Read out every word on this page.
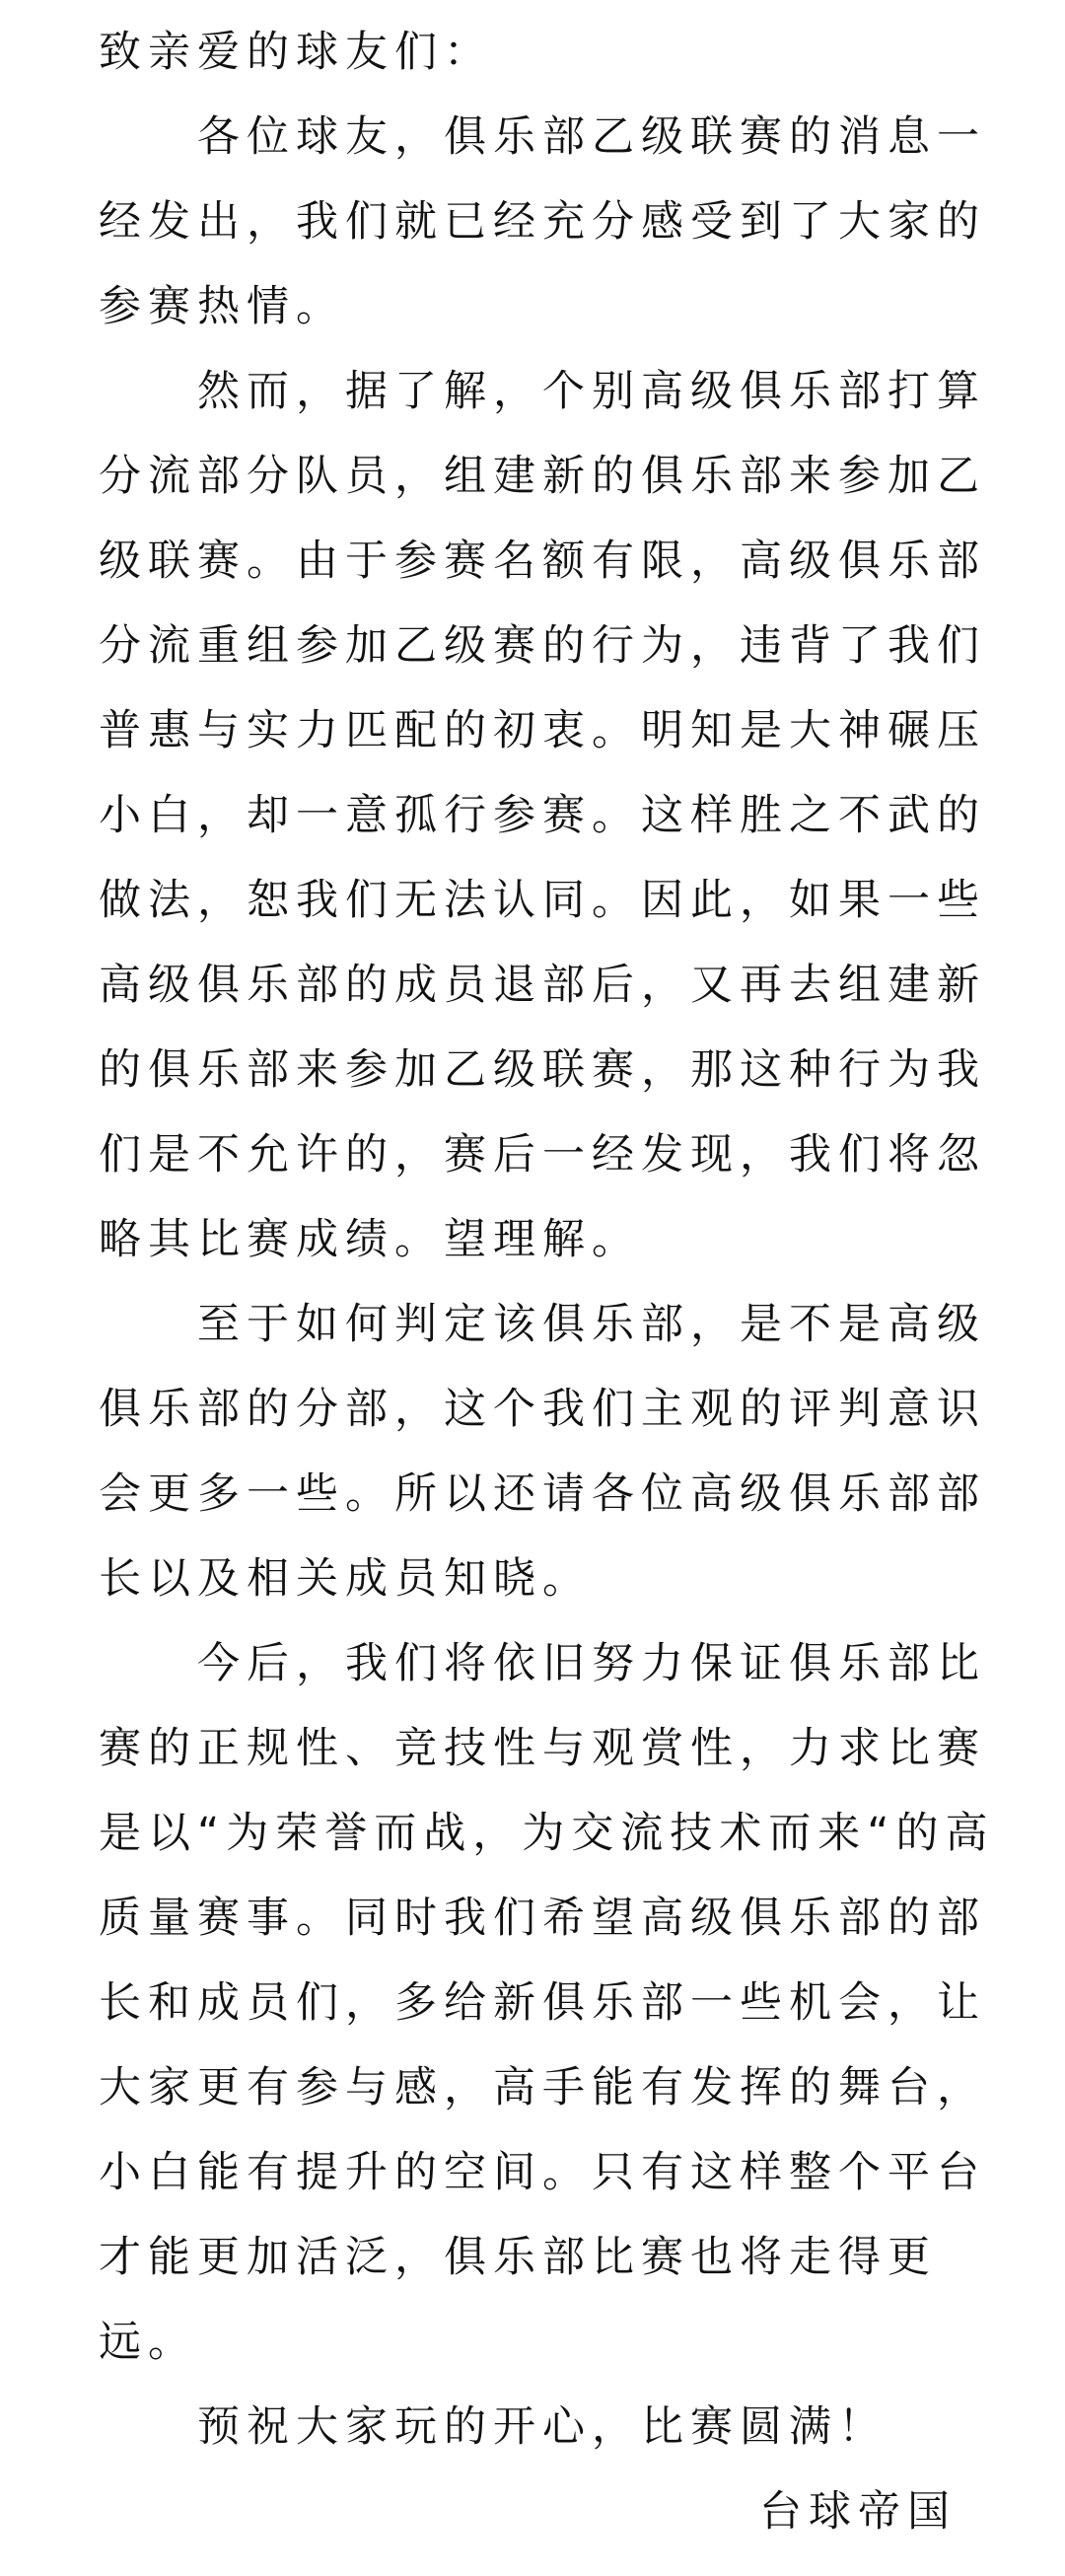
致亲爱的球友们：

　　各位球友，俱乐部乙级联赛的消息一

经发出，我们就已经充分感受到了大家的

参赛热情。

　　然而，据了解，个别高级俱乐部打算

分流部分队员，组建新的俱乐部来参加乙

级联赛。由于参赛名额有限，高级俱乐部

分流重组参加乙级赛的行为，违背了我们

普惠与实力匹配的初衷。明知是大神碾压

小白，却一意孤行参赛。这样胜之不武的

做法，恕我们无法认同。因此，如果一些

高级俱乐部的成员退部后，又再去组建新

的俱乐部来参加乙级联赛，那这种行为我

们是不允许的，赛后一经发现，我们将忽

略其比赛成绩。望理解。

　　至于如何判定该俱乐部，是不是高级

俱乐部的分部，这个我们主观的评判意识

会更多一些。所以还请各位高级俱乐部部

长以及相关成员知晓。

　　今后，我们将依旧努力保证俱乐部比

赛的正规性、竞技性与观赏性，力求比赛

是以“为荣誉而战，为交流技术而来“的高

质量赛事。同时我们希望高级俱乐部的部

长和成员们，多给新俱乐部一些机会，让

大家更有参与感，高手能有发挥的舞台，

小白能有提升的空间。只有这样整个平台

才能更加活泛，俱乐部比赛也将走得更

远。

　　预祝大家玩的开心，比赛圆满！

台球帝国
